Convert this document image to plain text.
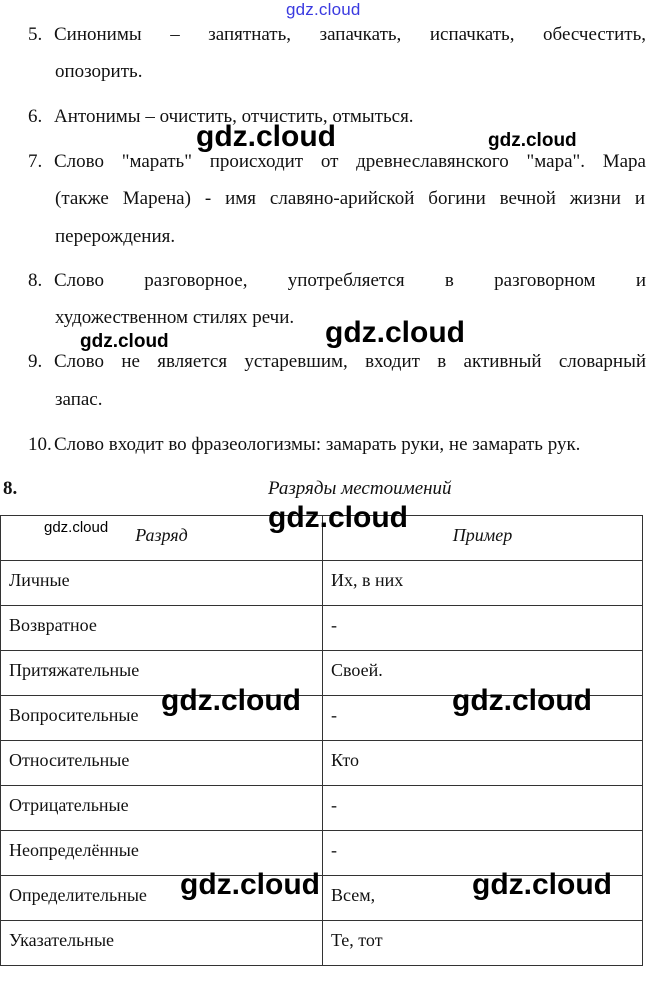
gdz.cloud
5. Синонимы – запятнать, запачкать, испачкать, обесчестить,
опозорить.
6. Антонимы – очистить, отчистить, отмыться.
7. Слово "марать" происходит от древнеславянского "мара". Мара
(также Марена) - имя славяно-арийской богини вечной жизни и
перерождения.
8. Слово разговорное, употребляется в разговорном и
художественном стилях речи.
9. Слово не является устаревшим, входит в активный словарный
запас.
10. Слово входит во фразеологизмы: замарать руки, не замарать рук.
8.	Разряды местоимений
Разряд	Пример
Личные	Их, в них
Возвратное	-
Притяжательные	Своей.
Вопросительные	-
Относительные	Кто
Отрицательные	-
Неопределённые	-
Определительные	Всем,
Указательные	Те, тот
gdz.cloud	gdz.cloud
gdz.cloud
gdz.cloud
gdz.cloud	gdz.cloud
gdz.cloud	gdz.cloud
gdz.cloud	gdz.cloud
